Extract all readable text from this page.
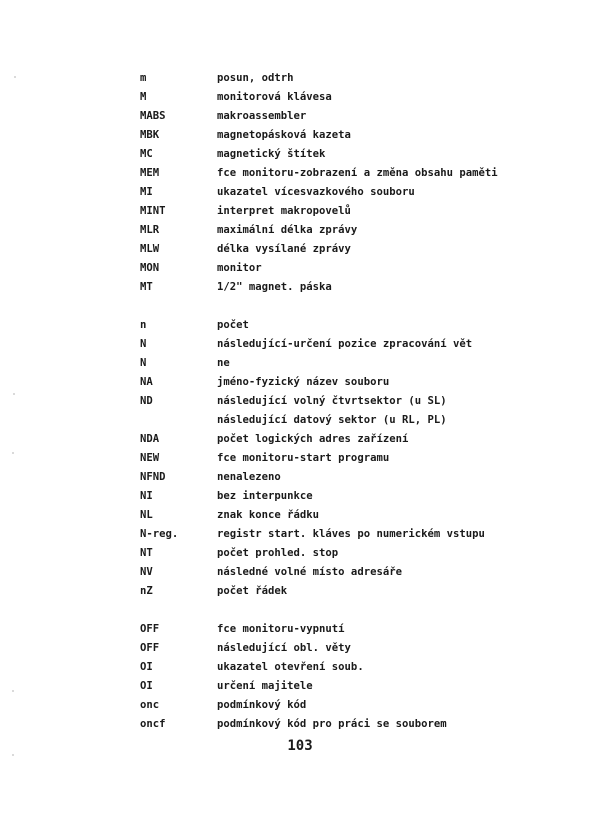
m	posun, odtrh
M	monitorová klávesa
MABS	makroassembler
MBK	magnetopásková kazeta
MC	magnetický štítek
MEM	fce monitoru-zobrazení a změna obsahu paměti
MI	ukazatel vícesvazkového souboru
MINT	interpret makropovelů
MLR	maximální délka zprávy
MLW	délka vysílané zprávy
MON	monitor
MT	1/2" magnet. páska
n	počet
N	následující-určení pozice zpracování vět
N	ne
NA	jméno-fyzický název souboru
ND	následující volný čtvrtsektor (u SL)
následující datový sektor (u RL, PL)
NDA	počet logických adres zařízení
NEW	fce monitoru-start programu
NFND	nenalezeno
NI	bez interpunkce
NL	znak konce řádku
N-reg.	registr start. kláves po numerickém vstupu
NT	počet prohled. stop
NV	následné volné místo adresáře
nZ	počet řádek
OFF	fce monitoru-vypnutí
OFF	následující obl. věty
OI	ukazatel otevření soub.
OI	určení majitele
onc	podmínkový kód
oncf	podmínkový kód pro práci se souborem
103
